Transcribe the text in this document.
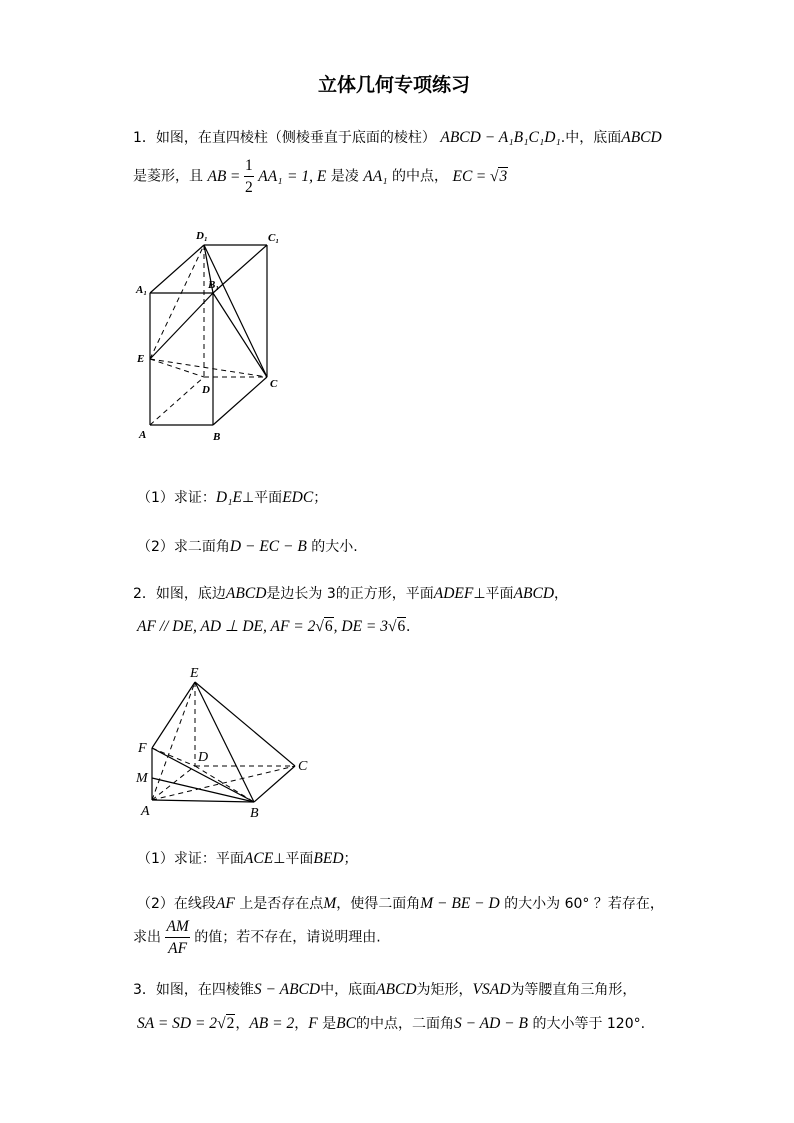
立体几何专项练习
1．如图，在直四棱柱（侧棱垂直于底面的棱柱） ABCD − A₁B₁C₁D₁.中，底面ABCD
是菱形，且 AB = $\frac{1}{2} AA_1 = 1$, E 是凌 AA₁ 的中点， EC = √3
D₁	C₁
A₁	B₁
E
D	C
A	B
（1）求证：D₁E⊥平面EDC；
（2）求二面角D − EC − B 的大小.
2．如图，底边ABCD是边长为 3的正方形，平面ADEF⊥平面ABCD，
AF // DE, AD ⊥ DE, AF = 2√6, DE = 3√6.
E
F
D
C
M
A	B
（1）求证：平面ACE⊥平面BED；
（2）在线段AF 上是否存在点M，使得二面角M − BE − D 的大小为 60° ？若存在，
求出 $\frac{AM}{AF}$ 的值；若不存在，请说明理由.
3．如图，在四棱锥S − ABCD中，底面ABCD为矩形，VSAD为等腰直角三角形，
SA = SD = 2√2，AB = 2，F 是BC的中点，二面角S − AD − B 的大小等于 120°.
